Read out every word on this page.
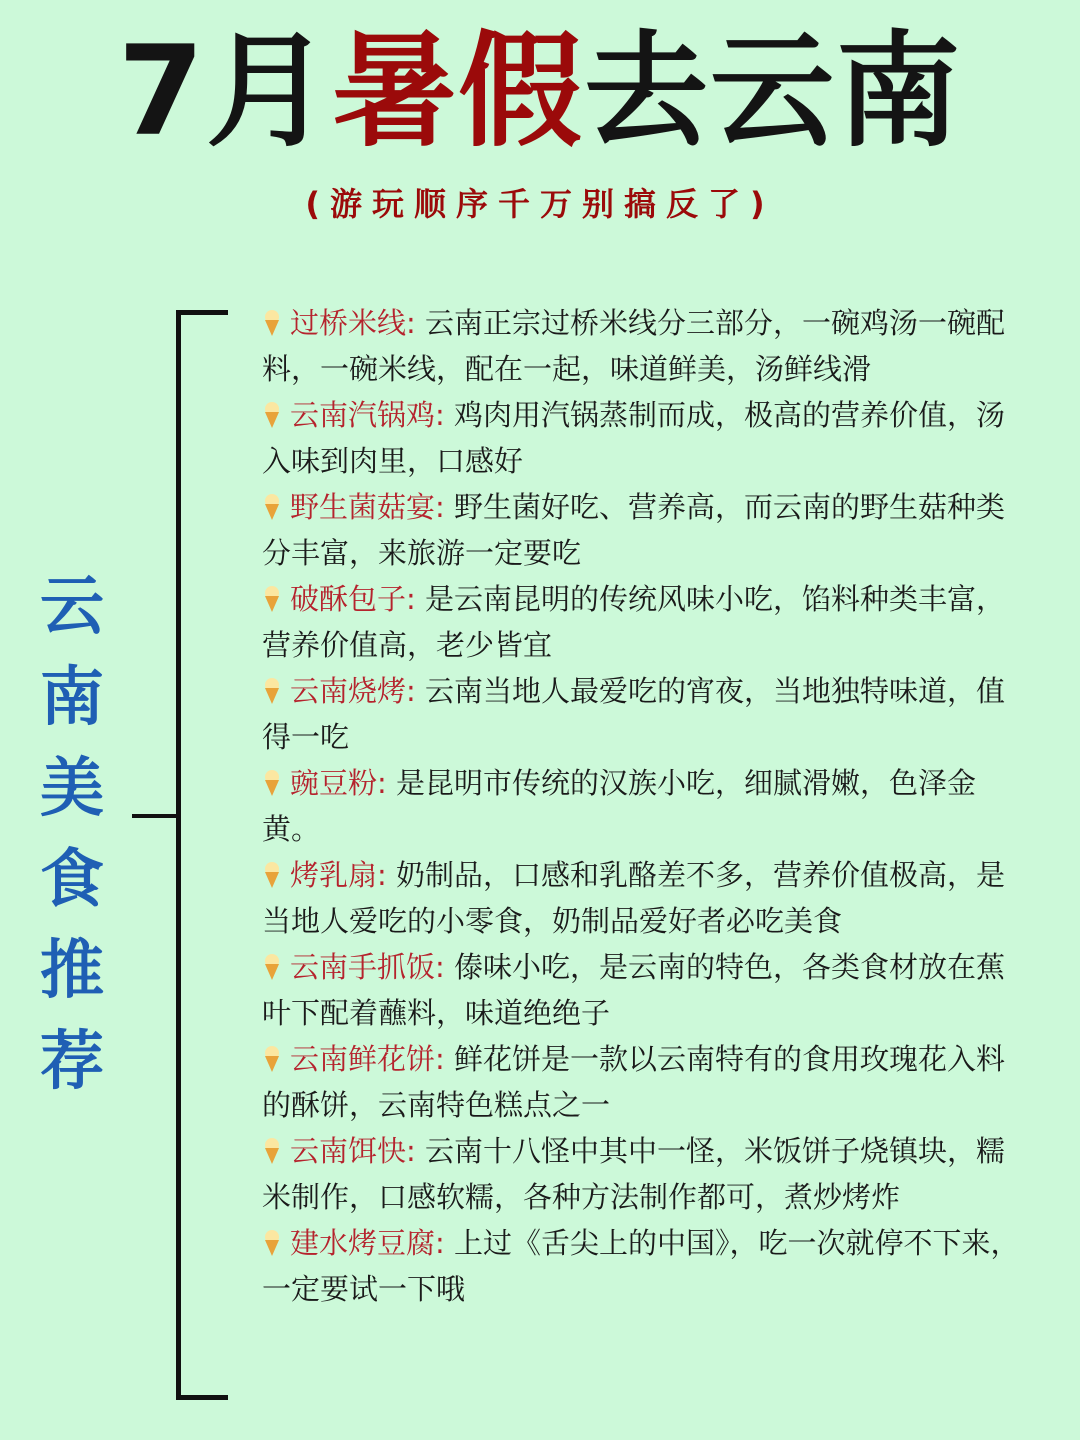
7月暑假去云南
(游玩顺序千万别搞反了)
云南美食推荐
过桥米线: 云南正宗过桥米线分三部分，一碗鸡汤一碗配料，一碗米线，配在一起，味道鲜美，汤鲜线滑
云南汽锅鸡: 鸡肉用汽锅蒸制而成，极高的营养价值，汤入味到肉里，口感好
野生菌菇宴: 野生菌好吃、营养高，而云南的野生菇种类分丰富，来旅游一定要吃
破酥包子: 是云南昆明的传统风味小吃，馅料种类丰富，营养价值高，老少皆宜
云南烧烤: 云南当地人最爱吃的宵夜，当地独特味道，值得一吃
豌豆粉: 是昆明市传统的汉族小吃，细腻滑嫩，色泽金黄。
烤乳扇: 奶制品，口感和乳酪差不多，营养价值极高，是当地人爱吃的小零食，奶制品爱好者必吃美食
云南手抓饭: 傣味小吃，是云南的特色，各类食材放在蕉叶下配着蘸料，味道绝绝子
云南鲜花饼: 鲜花饼是一款以云南特有的食用玫瑰花入料的酥饼，云南特色糕点之一
云南饵快: 云南十八怪中其中一怪，米饭饼子烧镇块，糯米制作，口感软糯，各种方法制作都可，煮炒烤炸
建水烤豆腐: 上过《舌尖上的中国》，吃一次就停不下来，一定要试一下哦
